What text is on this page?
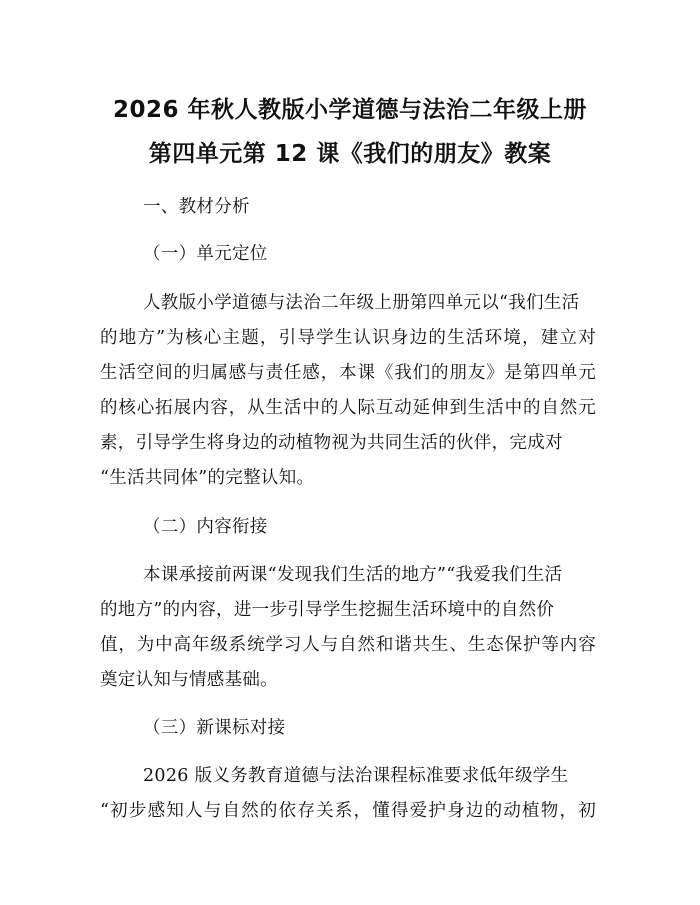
2026 年秋人教版小学道德与法治二年级上册
第四单元第 12 课《我们的朋友》教案
一、教材分析
（一）单元定位
人教版小学道德与法治二年级上册第四单元以“我们生活
的地方”为核心主题，引导学生认识身边的生活环境，建立对
生活空间的归属感与责任感，本课《我们的朋友》是第四单元
的核心拓展内容，从生活中的人际互动延伸到生活中的自然元
素，引导学生将身边的动植物视为共同生活的伙伴，完成对
“生活共同体”的完整认知。
（二）内容衔接
本课承接前两课“发现我们生活的地方”“我爱我们生活
的地方”的内容，进一步引导学生挖掘生活环境中的自然价
值，为中高年级系统学习人与自然和谐共生、生态保护等内容
奠定认知与情感基础。
（三）新课标对接
2026 版义务教育道德与法治课程标准要求低年级学生
“初步感知人与自然的依存关系，懂得爱护身边的动植物，初
